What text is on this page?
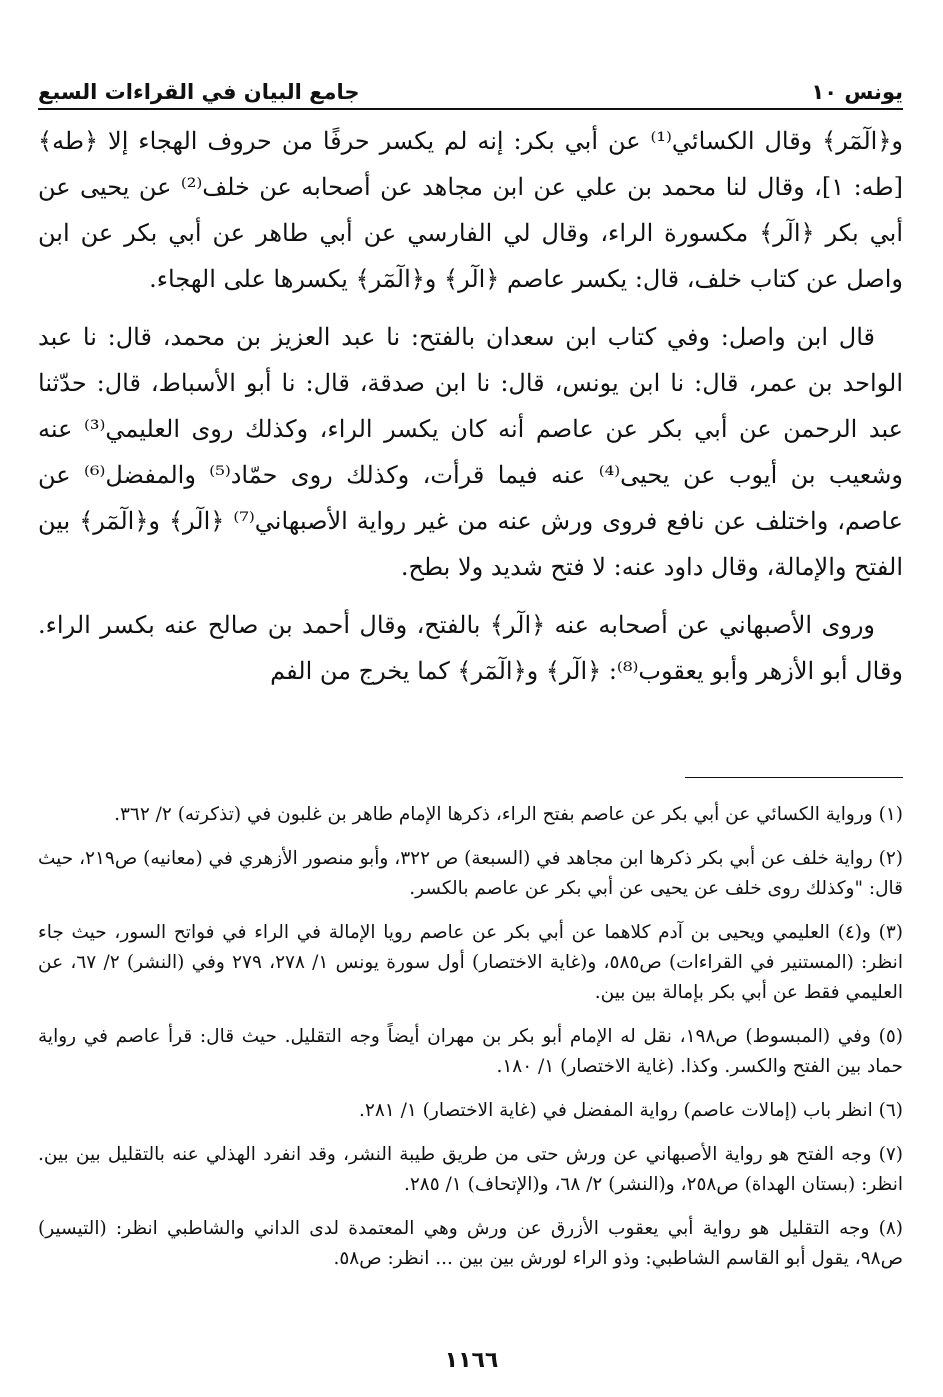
يونس ١٠
جامع البيان في القراءات السبع

و﴿الٓمٓر﴾ وقال الكسائي⁽¹⁾ عن أبي بكر: إنه لم يكسر حرفًا من حروف الهجاء إلا ﴿طه﴾ [طه: ١]، وقال لنا محمد بن علي عن ابن مجاهد عن أصحابه عن خلف⁽²⁾ عن يحيى عن أبي بكر ﴿الٓر﴾ مكسورة الراء، وقال لي الفارسي عن أبي طاهر عن أبي بكر عن ابن واصل عن كتاب خلف، قال: يكسر عاصم ﴿الٓر﴾ و﴿الٓمٓر﴾ يكسرها على الهجاء.

قال ابن واصل: وفي كتاب ابن سعدان بالفتح: نا عبد العزيز بن محمد، قال: نا عبد الواحد بن عمر، قال: نا ابن يونس، قال: نا ابن صدقة، قال: نا أبو الأسباط، قال: حدّثنا عبد الرحمن عن أبي بكر عن عاصم أنه كان يكسر الراء، وكذلك روى العليمي⁽³⁾ عنه وشعيب بن أيوب عن يحيى⁽⁴⁾ عنه فيما قرأت، وكذلك روى حمّاد⁽⁵⁾ والمفضل⁽⁶⁾ عن عاصم، واختلف عن نافع فروى ورش عنه من غير رواية الأصبهاني⁽⁷⁾ ﴿الٓر﴾ و﴿الٓمٓر﴾ بين الفتح والإمالة، وقال داود عنه: لا فتح شديد ولا بطح.

وروى الأصبهاني عن أصحابه عنه ﴿الٓر﴾ بالفتح، وقال أحمد بن صالح عنه بكسر الراء. وقال أبو الأزهر وأبو يعقوب⁽⁸⁾: ﴿الٓر﴾ و﴿الٓمٓر﴾ كما يخرج من الفم

(١) ورواية الكسائي عن أبي بكر عن عاصم بفتح الراء، ذكرها الإمام طاهر بن غلبون في (تذكرته) ٢/ ٣٦٢.

(٢) رواية خلف عن أبي بكر ذكرها ابن مجاهد في (السبعة) ص ٣٢٢، وأبو منصور الأزهري في (معانيه) ص٢١٩، حيث قال: "وكذلك روى خلف عن يحيى عن أبي بكر عن عاصم بالكسر.

(٣) و(٤) العليمي ويحيى بن آدم كلاهما عن أبي بكر عن عاصم رويا الإمالة في الراء في فواتح السور، حيث جاء انظر: (المستنير في القراءات) ص٥٨٥، و(غاية الاختصار) أول سورة يونس ١/ ٢٧٨، ٢٧٩ وفي (النشر) ٢/ ٦٧، عن العليمي فقط عن أبي بكر بإمالة بين بين.

(٥) وفي (المبسوط) ص١٩٨، نقل له الإمام أبو بكر بن مهران أيضاً وجه التقليل. حيث قال: قرأ عاصم في رواية حماد بين الفتح والكسر. وكذا. (غاية الاختصار) ١/ ١٨٠.

(٦) انظر باب (إمالات عاصم) رواية المفضل في (غاية الاختصار) ١/ ٢٨١.

(٧) وجه الفتح هو رواية الأصبهاني عن ورش حتى من طريق طيبة النشر، وقد انفرد الهذلي عنه بالتقليل بين بين. انظر: (بستان الهداة) ص٢٥٨، و(النشر) ٢/ ٦٨، و(الإتحاف) ١/ ٢٨٥.

(٨) وجه التقليل هو رواية أبي يعقوب الأزرق عن ورش وهي المعتمدة لدى الداني والشاطبي انظر: (التيسير) ص٩٨، يقول أبو القاسم الشاطبي: وذو الراء لورش بين بين ... انظر: ص٥٨.

١١٦٦
